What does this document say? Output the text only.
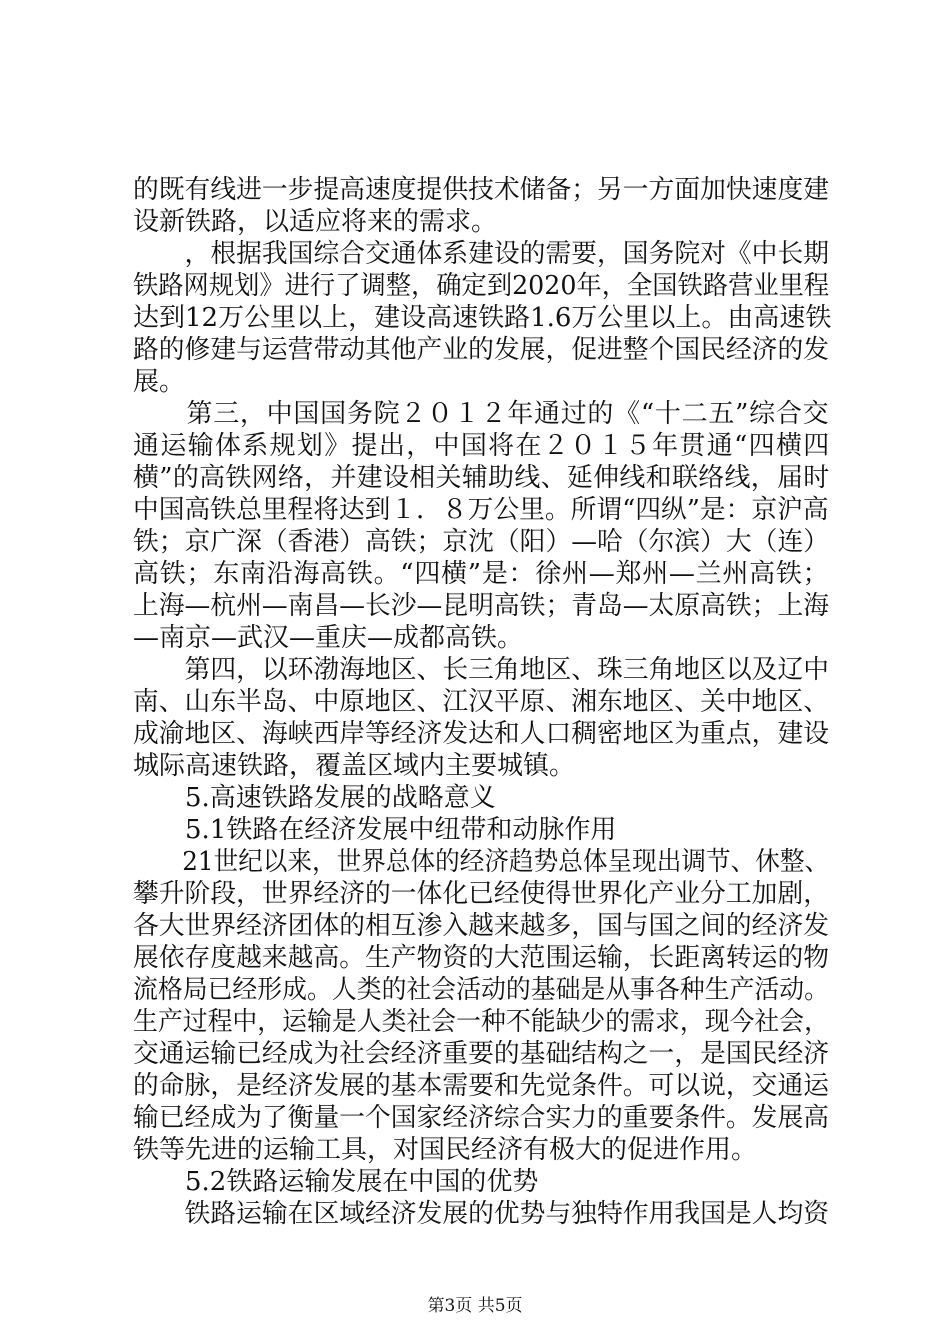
的既有线进一步提高速度提供技术储备；另一方面加快速度建
设新铁路，以适应将来的需求。
　　，根据我国综合交通体系建设的需要，国务院对《中长期
铁路网规划》进行了调整，确定到2020年，全国铁路营业里程
达到12万公里以上，建设高速铁路1.6万公里以上。由高速铁
路的修建与运营带动其他产业的发展，促进整个国民经济的发
展。
　　第三，中国国务院２０１２年通过的《“十二五”综合交
通运输体系规划》提出，中国将在２０１５年贯通“四横四
横”的高铁网络，并建设相关辅助线、延伸线和联络线，届时
中国高铁总里程将达到１．８万公里。所谓“四纵”是：京沪高
铁；京广深（香港）高铁；京沈（阳）—哈（尔滨）大（连）
高铁；东南沿海高铁。“四横”是：徐州—郑州—兰州高铁；
上海—杭州—南昌—长沙—昆明高铁；青岛—太原高铁；上海
—南京—武汉—重庆—成都高铁。
　　第四，以环渤海地区、长三角地区、珠三角地区以及辽中
南、山东半岛、中原地区、江汉平原、湘东地区、关中地区、
成渝地区、海峡西岸等经济发达和人口稠密地区为重点，建设
城际高速铁路，覆盖区域内主要城镇。
　　5.高速铁路发展的战略意义
　　5.1铁路在经济发展中纽带和动脉作用
　　21世纪以来，世界总体的经济趋势总体呈现出调节、休整、
攀升阶段，世界经济的一体化已经使得世界化产业分工加剧，
各大世界经济团体的相互渗入越来越多，国与国之间的经济发
展依存度越来越高。生产物资的大范围运输，长距离转运的物
流格局已经形成。人类的社会活动的基础是从事各种生产活动。
生产过程中，运输是人类社会一种不能缺少的需求，现今社会，
交通运输已经成为社会经济重要的基础结构之一，是国民经济
的命脉，是经济发展的基本需要和先觉条件。可以说，交通运
输已经成为了衡量一个国家经济综合实力的重要条件。发展高
铁等先进的运输工具，对国民经济有极大的促进作用。
　　5.2铁路运输发展在中国的优势
　　铁路运输在区域经济发展的优势与独特作用我国是人均资
第3页 共5页
